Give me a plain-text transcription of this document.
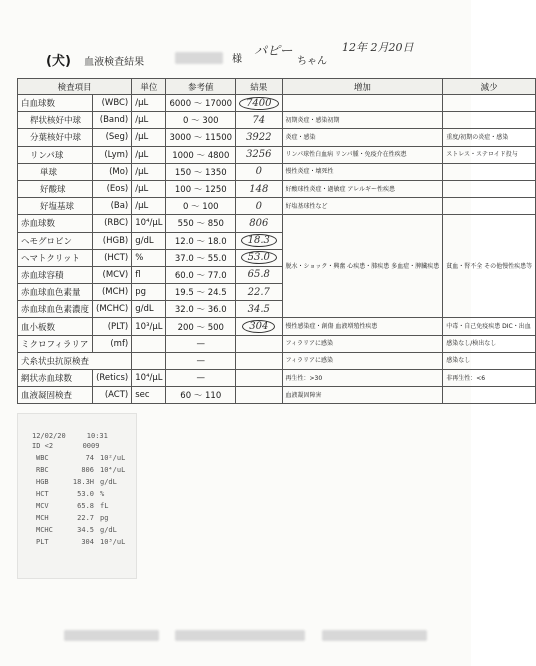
(犬) 血液検査結果	様
パピー
ちゃん
12年 2月20日
検査項目		単位	参考値	結果	増加	減少
白血球数	(WBC)	/μL	6000 ～ 17000	7400		
桿状核好中球	(Band)	/μL	0 ～ 300	74	初期炎症・感染初期	
分葉核好中球	(Seg)	/μL	3000 ～ 11500	3922	炎症・感染	重度/初期の炎症・感染
リンパ球	(Lym)	/μL	1000 ～ 4800	3256	リンパ球性白血病 リンパ腫・免疫介在性疾患	ストレス・ステロイド投与
単球	(Mo)	/μL	150 ～ 1350	0	慢性炎症・壊死性	
好酸球	(Eos)	/μL	100 ～ 1250	148	好酸球性炎症・過敏症 アレルギー性疾患	
好塩基球	(Ba)	/μL	0 ～ 100	0	好塩基球性など	
赤血球数	(RBC)	10⁴/μL	550 ～ 850	806	脱水・ショック・興奮 心疾患・肺疾患 多血症・脾臓疾患	貧血・腎不全 その他慢性疾患等
ヘモグロビン	(HGB)	g/dL	12.0 ～ 18.0	18.3		
ヘマトクリット	(HCT)	%	37.0 ～ 55.0	53.0		
赤血球容積	(MCV)	fl	60.0 ～ 77.0	65.8		
赤血球血色素量	(MCH)	pg	19.5 ～ 24.5	22.7		
赤血球血色素濃度	(MCHC)	g/dL	32.0 ～ 36.0	34.5		
血小板数	(PLT)	10³/μL	200 ～ 500	304	慢性感染症・創傷 血液増殖性疾患	中毒・自己免疫疾患 DIC・出血
ミクロフィラリア	(mf)		—		フィラリアに感染	感染なし/検出なし
犬糸状虫抗原検査			—		フィラリアに感染	感染なし
網状赤血球数	(Retics)	10⁴/μL	—		再生性：>30	非再生性：<6
血液凝固検査	(ACT)	sec	60 ～ 110		血液凝固障害	
12/02/20     10:31
ID <2       0009
WBC	74 10²/uL
RBC	806 10⁴/uL
HGB	18.3H g/dL
HCT	53.0 %
MCV	65.8 fL
MCH	22.7 pg
MCHC	34.5 g/dL
PLT	304 10³/uL
